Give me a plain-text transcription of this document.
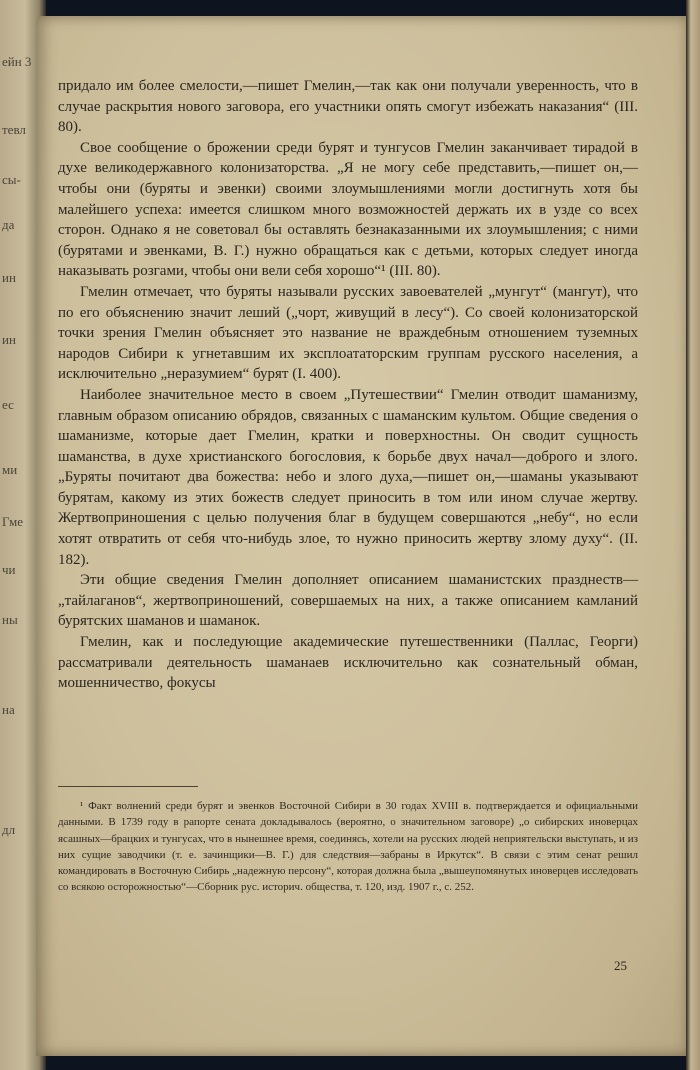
ейн 3
тевл
сы-
да
ин
ин
ес
ми
Гме
чи
ны
на
дл

придало им более смелости,—пишет Гмелин,—так как они получали уверенность, что в случае раскрытия нового заговора, его участники опять смогут избежать наказания“ (III. 80).

Свое сообщение о брожении среди бурят и тунгусов Гмелин заканчивает тирадой в духе великодержавного колонизаторства. „Я не могу себе представить,—пишет он,—чтобы они (буряты и эвенки) своими злоумышлениями могли достигнуть хотя бы малейшего успеха: имеется слишком много возможностей держать их в узде со всех сторон. Однако я не советовал бы оставлять безнаказанными их злоумышления; с ними (бурятами и эвенками, В. Г.) нужно обращаться как с детьми, которых следует иногда наказывать розгами, чтобы они вели себя хорошо“¹ (III. 80).

Гмелин отмечает, что буряты называли русских завоевателей „мунгут“ (мангут), что по его объяснению значит леший („чорт, живущий в лесу“). Со своей колонизаторской точки зрения Гмелин объясняет это название не враждебным отношением туземных народов Сибири к угнетавшим их эксплоататорским группам русского населения, а исключительно „неразумием“ бурят (I. 400).

Наиболее значительное место в своем „Путешествии“ Гмелин отводит шаманизму, главным образом описанию обрядов, связанных с шаманским культом. Общие сведения о шаманизме, которые дает Гмелин, кратки и поверхностны. Он сводит сущность шаманства, в духе христианского богословия, к борьбе двух начал—доброго и злого. „Буряты почитают два божества: небо и злого духа,—пишет он,—шаманы указывают бурятам, какому из этих божеств следует приносить в том или ином случае жертву. Жертвоприношения с целью получения благ в будущем совершаются „небу“, но если хотят отвратить от себя что-нибудь злое, то нужно приносить жертву злому духу“. (II. 182).

Эти общие сведения Гмелин дополняет описанием шаманистских празднеств—„тайлаганов“, жертвоприношений, совершаемых на них, а также описанием камланий бурятских шаманов и шаманок.

Гмелин, как и последующие академические путешественники (Паллас, Георги) рассматривали деятельность шаманаев исключительно как сознательный обман, мошенничество, фокусы

¹ Факт волнений среди бурят и эвенков Восточной Сибири в 30 годах XVIII в. подтверждается и официальными данными. В 1739 году в рапорте сената докладывалось (вероятно, о значительном заговоре) „о сибирских иноверцах ясашных—брацких и тунгусах, что в нынешнее время, соединясь, хотели на русских людей неприятельски выступать, и из них сущие заводчики (т. е. зачинщики—В. Г.) для следствия—забраны в Иркутск“. В связи с этим сенат решил командировать в Восточную Сибирь „надежную персону“, которая должна была „вышеупомянутых иноверцев исследовать со всякою осторожностью“—Сборник рус. историч. общества, т. 120, изд. 1907 г., с. 252.

25
